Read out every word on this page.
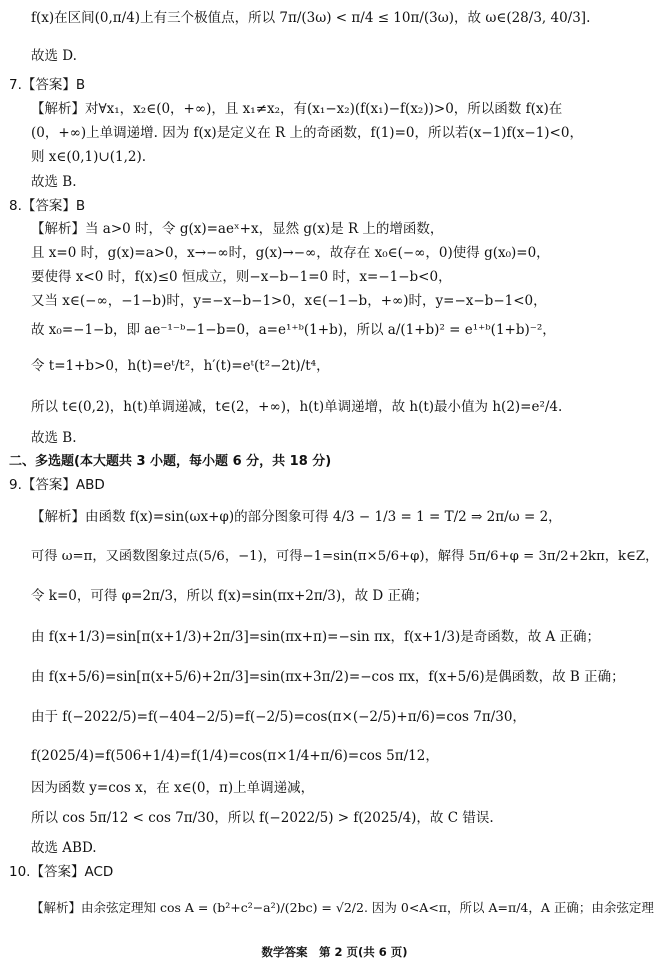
f(x)在区间(0,π/4)上有三个极值点，所以 7π/(3ω) < π/4 ≤ 10π/(3ω)，故 ω∈(28/3, 40/3].
故选 D.
7.【答案】B
【解析】对∀x₁，x₂∈(0，+∞)，且 x₁≠x₂，有(x₁−x₂)(f(x₁)−f(x₂))>0，所以函数 f(x)在
(0，+∞)上单调递增. 因为 f(x)是定义在 R 上的奇函数，f(1)=0，所以若(x−1)f(x−1)<0，
则 x∈(0,1)∪(1,2).
故选 B.
8.【答案】B
【解析】当 a>0 时，令 g(x)=aeˣ+x，显然 g(x)是 R 上的增函数，
且 x=0 时，g(x)=a>0，x→−∞时，g(x)→−∞，故存在 x₀∈(−∞，0)使得 g(x₀)=0，
要使得 x<0 时，f(x)≤0 恒成立，则−x−b−1=0 时，x=−1−b<0，
又当 x∈(−∞，−1−b)时，y=−x−b−1>0，x∈(−1−b，+∞)时，y=−x−b−1<0，
故 x₀=−1−b，即 ae⁻¹⁻ᵇ−1−b=0，a=e¹⁺ᵇ(1+b)，所以 a/(1+b)² = e¹⁺ᵇ(1+b)⁻²，
令 t=1+b>0，h(t)=eᵗ/t²，h′(t)=eᵗ(t²−2t)/t⁴，
所以 t∈(0,2)，h(t)单调递减，t∈(2，+∞)，h(t)单调递增，故 h(t)最小值为 h(2)=e²/4.
故选 B.
二、多选题(本大题共 3 小题，每小题 6 分，共 18 分)
9.【答案】ABD
【解析】由函数 f(x)=sin(ωx+φ)的部分图象可得 4/3 − 1/3 = 1 = T/2 ⇒ 2π/ω = 2，
可得 ω=π，又函数图象过点(5/6，−1)，可得−1=sin(π×5/6+φ)，解得 5π/6+φ = 3π/2+2kπ，k∈Z，
令 k=0，可得 φ=2π/3，所以 f(x)=sin(πx+2π/3)，故 D 正确；
由 f(x+1/3)=sin[π(x+1/3)+2π/3]=sin(πx+π)=−sin πx，f(x+1/3)是奇函数，故 A 正确；
由 f(x+5/6)=sin[π(x+5/6)+2π/3]=sin(πx+3π/2)=−cos πx，f(x+5/6)是偶函数，故 B 正确；
由于 f(−2022/5)=f(−404−2/5)=f(−2/5)=cos(π×(−2/5)+π/6)=cos 7π/30，
f(2025/4)=f(506+1/4)=f(1/4)=cos(π×1/4+π/6)=cos 5π/12，
因为函数 y=cos x，在 x∈(0，π)上单调递减，
所以 cos 5π/12 < cos 7π/30，所以 f(−2022/5) > f(2025/4)，故 C 错误.
故选 ABD.
10.【答案】ACD
【解析】由余弦定理知 cos A = (b²+c²−a²)/(2bc) = √2/2. 因为 0<A<π，所以 A=π/4，A 正确；由余弦定理
数学答案　第 2 页(共 6 页)
